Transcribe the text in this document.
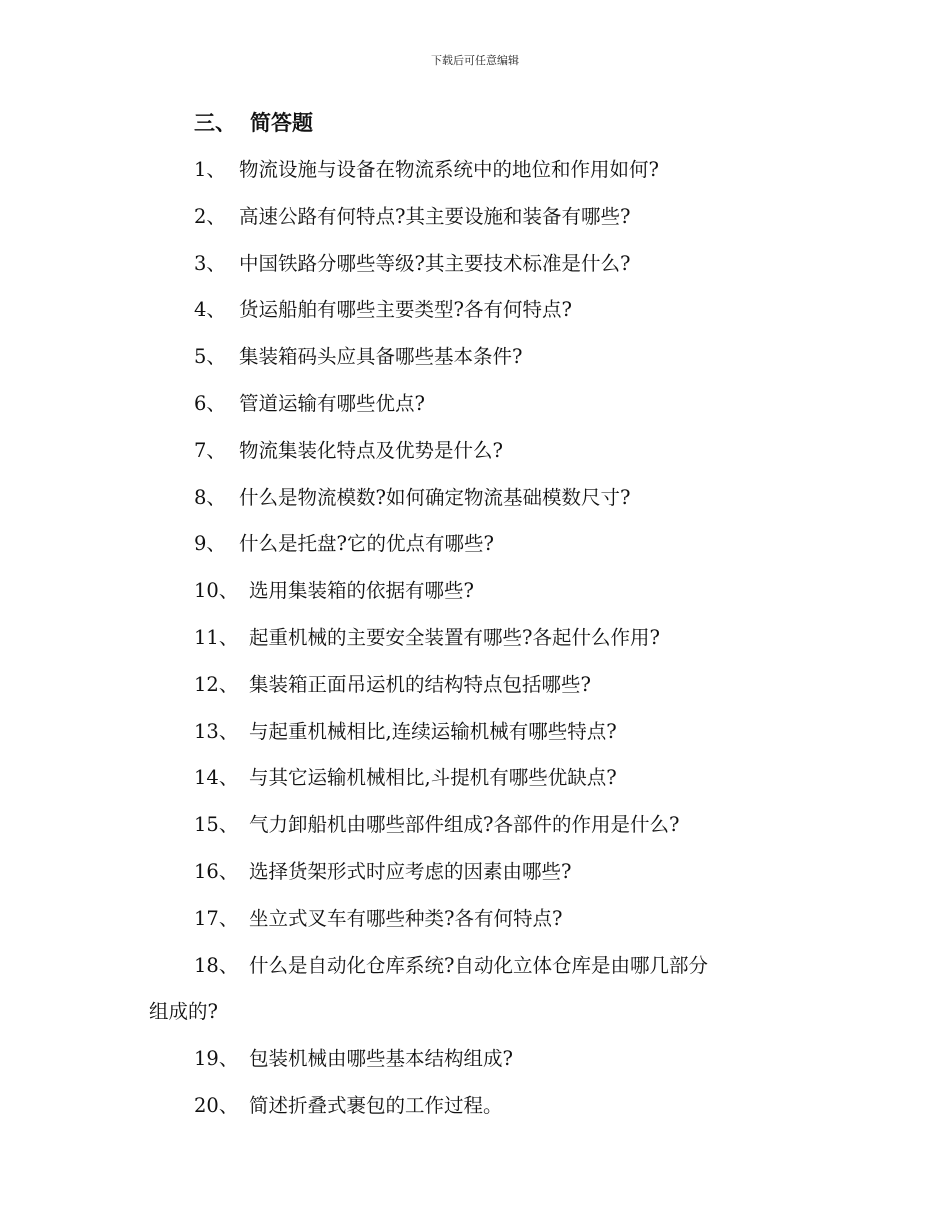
下载后可任意编辑
三、 简答题
1、 物流设施与设备在物流系统中的地位和作用如何?
2、 高速公路有何特点?其主要设施和装备有哪些?
3、 中国铁路分哪些等级?其主要技术标准是什么?
4、 货运船舶有哪些主要类型?各有何特点?
5、 集装箱码头应具备哪些基本条件?
6、 管道运输有哪些优点?
7、 物流集装化特点及优势是什么?
8、 什么是物流模数?如何确定物流基础模数尺寸?
9、 什么是托盘?它的优点有哪些?
10、 选用集装箱的依据有哪些?
11、 起重机械的主要安全装置有哪些?各起什么作用?
12、 集装箱正面吊运机的结构特点包括哪些?
13、 与起重机械相比,连续运输机械有哪些特点?
14、 与其它运输机械相比,斗提机有哪些优缺点?
15、 气力卸船机由哪些部件组成?各部件的作用是什么?
16、 选择货架形式时应考虑的因素由哪些?
17、 坐立式叉车有哪些种类?各有何特点?
18、 什么是自动化仓库系统?自动化立体仓库是由哪几部分
组成的?
19、 包装机械由哪些基本结构组成?
20、 简述折叠式裹包的工作过程。
